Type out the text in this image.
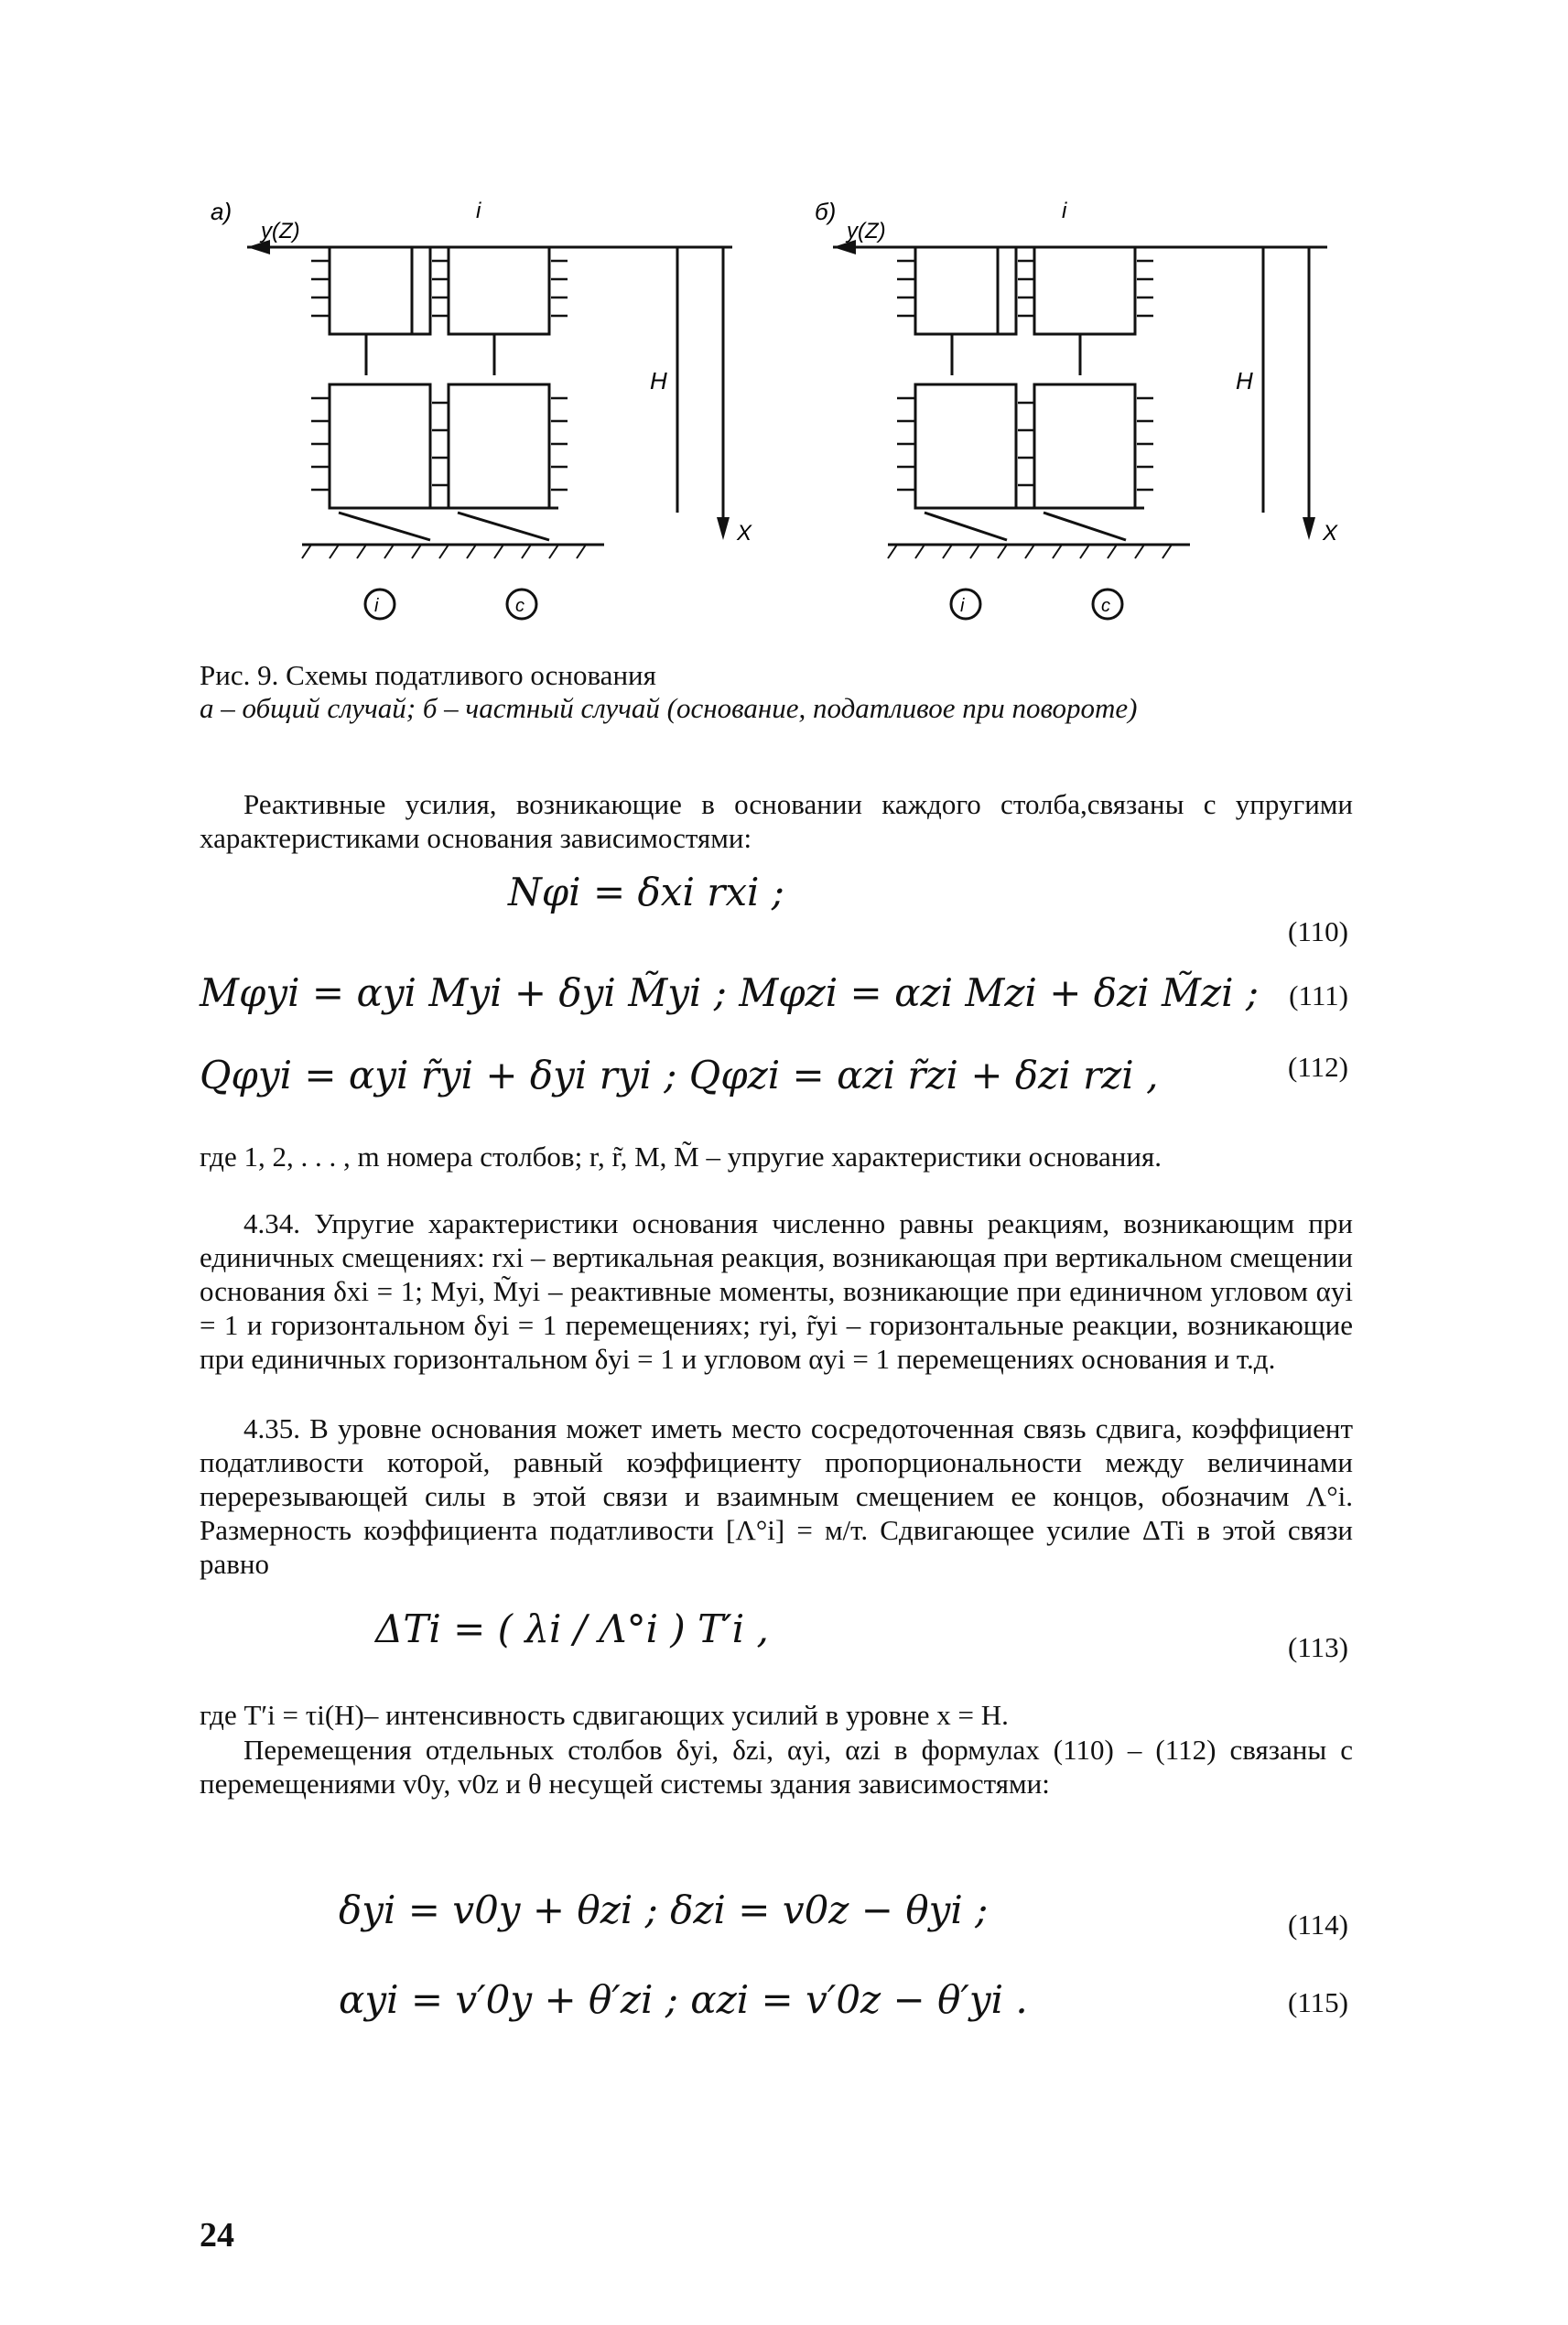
а)
y(Z)
i
H
X
i	c
б)
y(Z)
i
H
X
i	c
Рис. 9. Схемы податливого основания
а – общий случай; б – частный случай (основание, податливое при повороте)
Реактивные усилия, возникающие в основании каждого столба,связаны с упругими характеристиками основания зависимостями:
Nφi = δxi rxi ;
(110)
Mφyi = αyi Myi + δyi M̃yi ; Mφzi = αzi Mzi + δzi M̃zi ; (111)
Qφyi = αyi r̃yi + δyi ryi ; Qφzi = αzi r̃zi + δzi rzi ,	(112)
где 1, 2, . . . , m номера столбов; r, r̃, M, M̃ – упругие характеристики основания.
4.34. Упругие характеристики основания численно равны реакциям, возникающим при единичных смещениях: rxi – вертикальная реакция, возникающая при вертикальном смещении основания δxi = 1; Myi, M̃yi – реактивные моменты, возникающие при единичном угловом αyi = 1 и горизонтальном δyi = 1 перемещениях; ryi, r̃yi – горизонтальные реакции, возникающие при единичных горизонтальном δyi = 1 и угловом αyi = 1 перемещениях основания и т.д.
4.35. В уровне основания может иметь место сосредоточенная связь сдвига, коэффициент податливости которой, равный коэффициенту пропорциональности между величинами перерезывающей силы в этой связи и взаимным смещением ее концов, обозначим Λ°i. Размерность коэффициента податливости [Λ°i] = м/т. Сдвигающее усилие ΔTi в этой связи равно
ΔTi = ( λi / Λ°i ) T′i ,	(113)
где T′i = τi(H)– интенсивность сдвигающих усилий в уровне x = H.
Перемещения отдельных столбов δyi, δzi, αyi, αzi в формулах (110) – (112) связаны с перемещениями v0y, v0z и θ несущей системы здания зависимостями:
δyi = v0y + θzi ; δzi = v0z − θyi ;	(114)
αyi = v′0y + θ′zi ; αzi = v′0z − θ′yi .	(115)
24
